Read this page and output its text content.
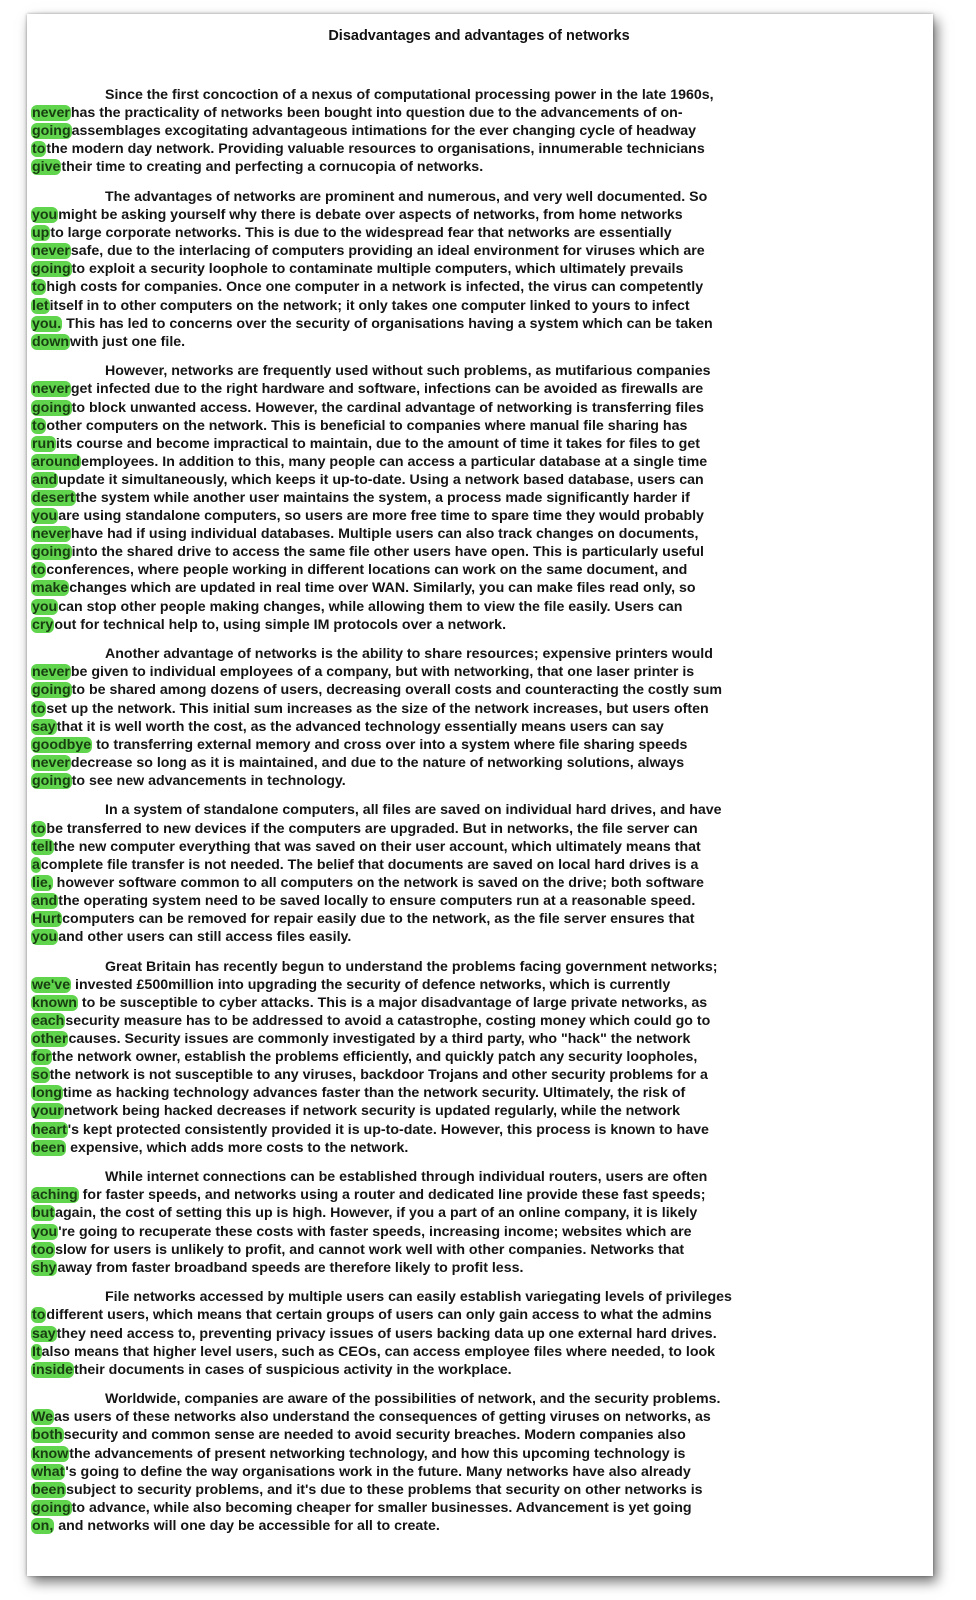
Disadvantages and advantages of networks
Since the first concoction of a nexus of computational processing power in the late 1960s,
neverhas the practicality of networks been bought into question due to the advancements of on-
goingassemblages excogitating advantageous intimations for the ever changing cycle of headway
tothe modern day network. Providing valuable resources to organisations, innumerable technicians
givetheir time to creating and perfecting a cornucopia of networks.
The advantages of networks are prominent and numerous, and very well documented. So
youmight be asking yourself why there is debate over aspects of networks, from home networks
upto large corporate networks. This is due to the widespread fear that networks are essentially
neversafe, due to the interlacing of computers providing an ideal environment for viruses which are
goingto exploit a security loophole to contaminate multiple computers, which ultimately prevails
tohigh costs for companies. Once one computer in a network is infected, the virus can competently
letitself in to other computers on the network; it only takes one computer linked to yours to infect
you. This has led to concerns over the security of organisations having a system which can be taken
downwith just one file.
However, networks are frequently used without such problems, as mutifarious companies
neverget infected due to the right hardware and software, infections can be avoided as firewalls are
goingto block unwanted access. However, the cardinal advantage of networking is transferring files
toother computers on the network. This is beneficial to companies where manual file sharing has
runits course and become impractical to maintain, due to the amount of time it takes for files to get
aroundemployees. In addition to this, many people can access a particular database at a single time
andupdate it simultaneously, which keeps it up-to-date. Using a network based database, users can
desertthe system while another user maintains the system, a process made significantly harder if
youare using standalone computers, so users are more free time to spare time they would probably
neverhave had if using individual databases. Multiple users can also track changes on documents,
goinginto the shared drive to access the same file other users have open. This is particularly useful
toconferences, where people working in different locations can work on the same document, and
makechanges which are updated in real time over WAN. Similarly, you can make files read only, so
youcan stop other people making changes, while allowing them to view the file easily. Users can
cryout for technical help to, using simple IM protocols over a network.
Another advantage of networks is the ability to share resources; expensive printers would
neverbe given to individual employees of a company, but with networking, that one laser printer is
goingto be shared among dozens of users, decreasing overall costs and counteracting the costly sum
toset up the network. This initial sum increases as the size of the network increases, but users often
saythat it is well worth the cost, as the advanced technology essentially means users can say
goodbye to transferring external memory and cross over into a system where file sharing speeds
neverdecrease so long as it is maintained, and due to the nature of networking solutions, always
goingto see new advancements in technology.
In a system of standalone computers, all files are saved on individual hard drives, and have
tobe transferred to new devices if the computers are upgraded. But in networks, the file server can
tellthe new computer everything that was saved on their user account, which ultimately means that
acomplete file transfer is not needed. The belief that documents are saved on local hard drives is a
lie, however software common to all computers on the network is saved on the drive; both software
andthe operating system need to be saved locally to ensure computers run at a reasonable speed.
Hurtcomputers can be removed for repair easily due to the network, as the file server ensures that
youand other users can still access files easily.
Great Britain has recently begun to understand the problems facing government networks;
we've invested £500million into upgrading the security of defence networks, which is currently
known to be susceptible to cyber attacks. This is a major disadvantage of large private networks, as
eachsecurity measure has to be addressed to avoid a catastrophe, costing money which could go to
othercauses. Security issues are commonly investigated by a third party, who "hack" the network
forthe network owner, establish the problems efficiently, and quickly patch any security loopholes,
sothe network is not susceptible to any viruses, backdoor Trojans and other security problems for a
longtime as hacking technology advances faster than the network security. Ultimately, the risk of
yournetwork being hacked decreases if network security is updated regularly, while the network
heart's kept protected consistently provided it is up-to-date. However, this process is known to have
been expensive, which adds more costs to the network.
While internet connections can be established through individual routers, users are often
aching for faster speeds, and networks using a router and dedicated line provide these fast speeds;
butagain, the cost of setting this up is high. However, if you a part of an online company, it is likely
you're going to recuperate these costs with faster speeds, increasing income; websites which are
tooslow for users is unlikely to profit, and cannot work well with other companies. Networks that
shyaway from faster broadband speeds are therefore likely to profit less.
File networks accessed by multiple users can easily establish variegating levels of privileges
todifferent users, which means that certain groups of users can only gain access to what the admins
saythey need access to, preventing privacy issues of users backing data up one external hard drives.
Italso means that higher level users, such as CEOs, can access employee files where needed, to look
insidetheir documents in cases of suspicious activity in the workplace.
Worldwide, companies are aware of the possibilities of network, and the security problems.
Weas users of these networks also understand the consequences of getting viruses on networks, as
bothsecurity and common sense are needed to avoid security breaches. Modern companies also
knowthe advancements of present networking technology, and how this upcoming technology is
what's going to define the way organisations work in the future. Many networks have also already
beensubject to security problems, and it's due to these problems that security on other networks is
goingto advance, while also becoming cheaper for smaller businesses. Advancement is yet going
on, and networks will one day be accessible for all to create.
